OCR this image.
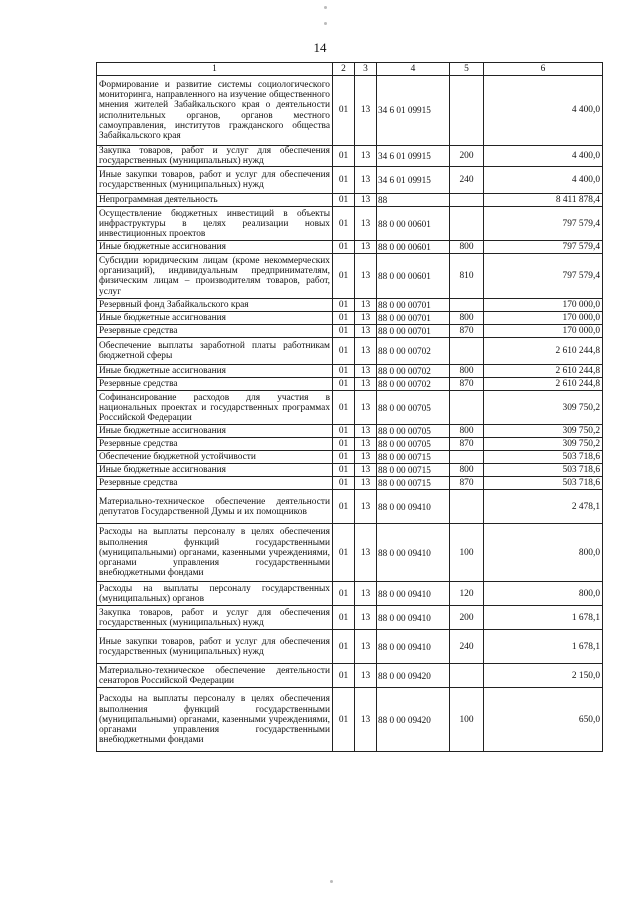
14
1	2	3	4	5	6
Формирование и развитие системы социологического мониторинга, направленного на изучение общественного мнения жителей Забайкальского края о деятельности исполнительных органов, органов местного самоуправления, институтов гражданского общества Забайкальского края	01	13	34 6 01 09915		4 400,0
Закупка товаров, работ и услуг для обеспечения государственных (муниципальных) нужд	01	13	34 6 01 09915	200	4 400,0
Иные закупки товаров, работ и услуг для обеспечения государственных (муниципальных) нужд	01	13	34 6 01 09915	240	4 400,0
Непрограммная деятельность	01	13	88		8 411 878,4
Осуществление бюджетных инвестиций в объекты инфраструктуры в целях реализации новых инвестиционных проектов	01	13	88 0 00 00601		797 579,4
Иные бюджетные ассигнования	01	13	88 0 00 00601	800	797 579,4
Субсидии юридическим лицам (кроме некоммерческих организаций), индивидуальным предпринимателям, физическим лицам – производителям товаров, работ, услуг	01	13	88 0 00 00601	810	797 579,4
Резервный фонд Забайкальского края	01	13	88 0 00 00701		170 000,0
Иные бюджетные ассигнования	01	13	88 0 00 00701	800	170 000,0
Резервные средства	01	13	88 0 00 00701	870	170 000,0
Обеспечение выплаты заработной платы работникам бюджетной сферы	01	13	88 0 00 00702		2 610 244,8
Иные бюджетные ассигнования	01	13	88 0 00 00702	800	2 610 244,8
Резервные средства	01	13	88 0 00 00702	870	2 610 244,8
Софинансирование расходов для участия в национальных проектах и государственных программах Российской Федерации	01	13	88 0 00 00705		309 750,2
Иные бюджетные ассигнования	01	13	88 0 00 00705	800	309 750,2
Резервные средства	01	13	88 0 00 00705	870	309 750,2
Обеспечение бюджетной устойчивости	01	13	88 0 00 00715		503 718,6
Иные бюджетные ассигнования	01	13	88 0 00 00715	800	503 718,6
Резервные средства	01	13	88 0 00 00715	870	503 718,6
Материально-техническое обеспечение деятельности депутатов Государственной Думы и их помощников	01	13	88 0 00 09410		2 478,1
Расходы на выплаты персоналу в целях обеспечения выполнения функций государственными (муниципальными) органами, казенными учреждениями, органами управления государственными внебюджетными фондами	01	13	88 0 00 09410	100	800,0
Расходы на выплаты персоналу государственных (муниципальных) органов	01	13	88 0 00 09410	120	800,0
Закупка товаров, работ и услуг для обеспечения государственных (муниципальных) нужд	01	13	88 0 00 09410	200	1 678,1
Иные закупки товаров, работ и услуг для обеспечения государственных (муниципальных) нужд	01	13	88 0 00 09410	240	1 678,1
Материально-техническое обеспечение деятельности сенаторов Российской Федерации	01	13	88 0 00 09420		2 150,0
Расходы на выплаты персоналу в целях обеспечения выполнения функций государственными (муниципальными) органами, казенными учреждениями, органами управления государственными внебюджетными фондами	01	13	88 0 00 09420	100	650,0
